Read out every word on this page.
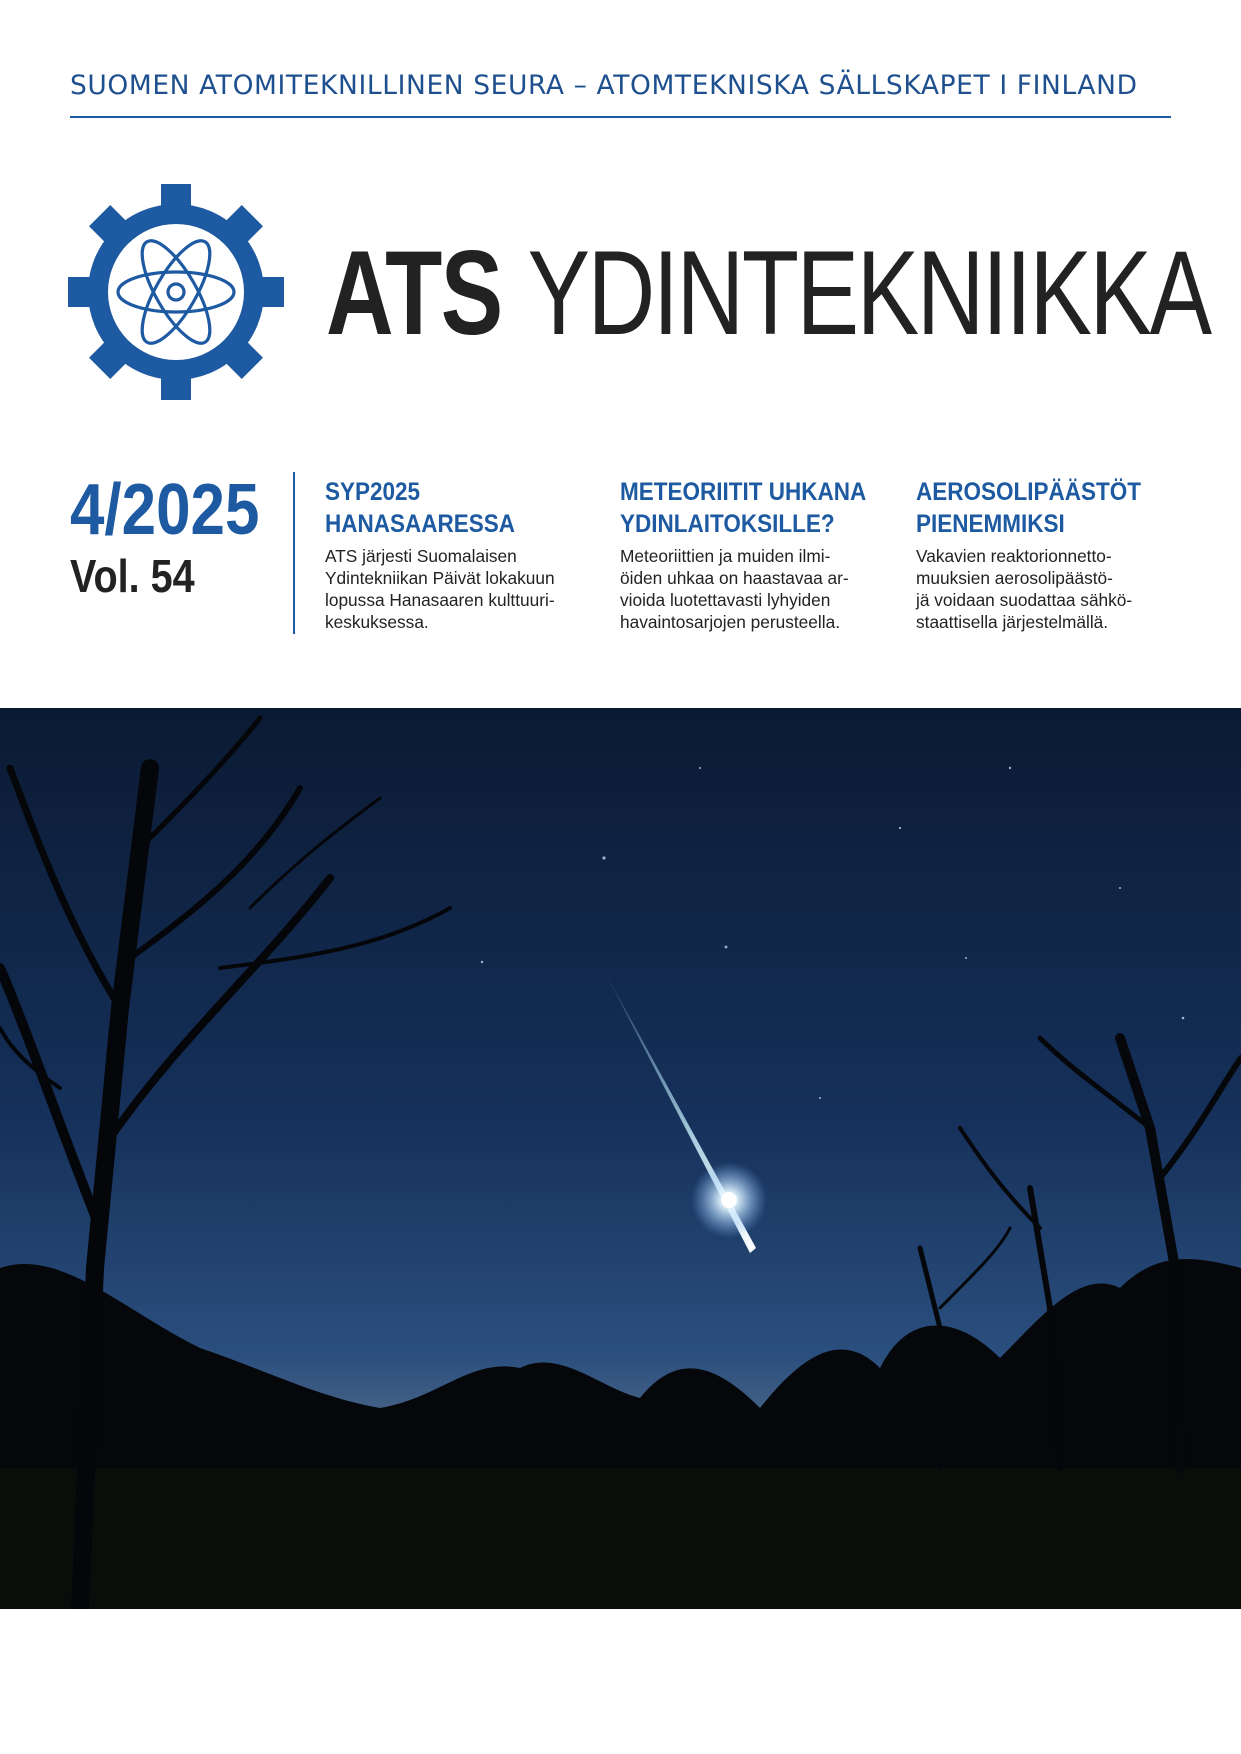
SUOMEN ATOMITEKNILLINEN SEURA – ATOMTEKNISKA SÄLLSKAPET I FINLAND
ATS YDINTEKNIIKKA
4/2025
Vol. 54
SYP2025
HANASAARESSA
ATS järjesti Suomalaisen
Ydintekniikan Päivät lokakuun
lopussa Hanasaaren kulttuuri-
keskuksessa.
METEORIITIT UHKANA
YDINLAITOKSILLE?
Meteoriittien ja muiden ilmi-
öiden uhkaa on haastavaa ar-
vioida luotettavasti lyhyiden
havaintosarjojen perusteella.
AEROSOLIPÄÄSTÖT
PIENEMMIKSI
Vakavien reaktorionnetto-
muuksien aerosolipäästö-
jä voidaan suodattaa sähkö-
staattisella järjestelmällä.
